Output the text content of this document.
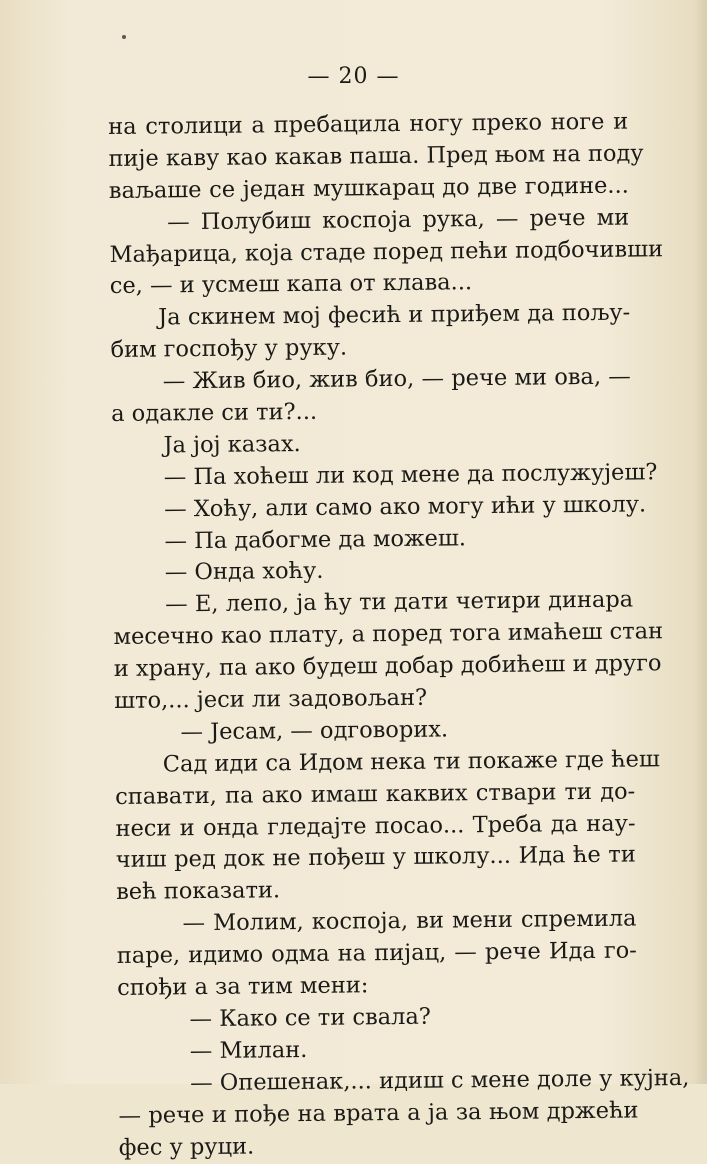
— 20 —
на столици а пребацила ногу преко ноге и
пије каву као какав паша. Пред њом на поду
ваљаше се један мушкарац до две године...
— Полубиш коспоја рука, — рече ми
Мађарица, која стаде поред пећи подбочивши
се, — и усмеш капа от клава...
Ја скинем мој фесић и приђем да пољу-
бим госпођу у руку.
— Жив био, жив био, — рече ми ова, —
а одакле си ти?...
Ја јој казах.
— Па хоћеш ли код мене да послужујеш?
— Хоћу, али само ако могу ићи у школу.
— Па дабогме да можеш.
— Онда хоћу.
— Е, лепо, ја ћу ти дати четири динара
месечно као плату, а поред тога имаћеш стан
и храну, па ако будеш добар добићеш и друго
што,... јеси ли задовољан?
— Јесам, — одговорих.
Сад иди са Идом нека ти покаже где ћеш
спавати, па ако имаш каквих ствари ти до-
неси и онда гледајте посао... Треба да нау-
чиш ред док не пођеш у школу... Ида ће ти
већ показати.
— Молим, коспоја, ви мени спремила
паре, идимо одма на пијац, — рече Ида го-
спођи а за тим мени:
— Како се ти свала?
— Милан.
— Опешенак,... идиш с мене доле у кујна,
— рече и пође на врата а ја за њом држећи
фес у руци.
